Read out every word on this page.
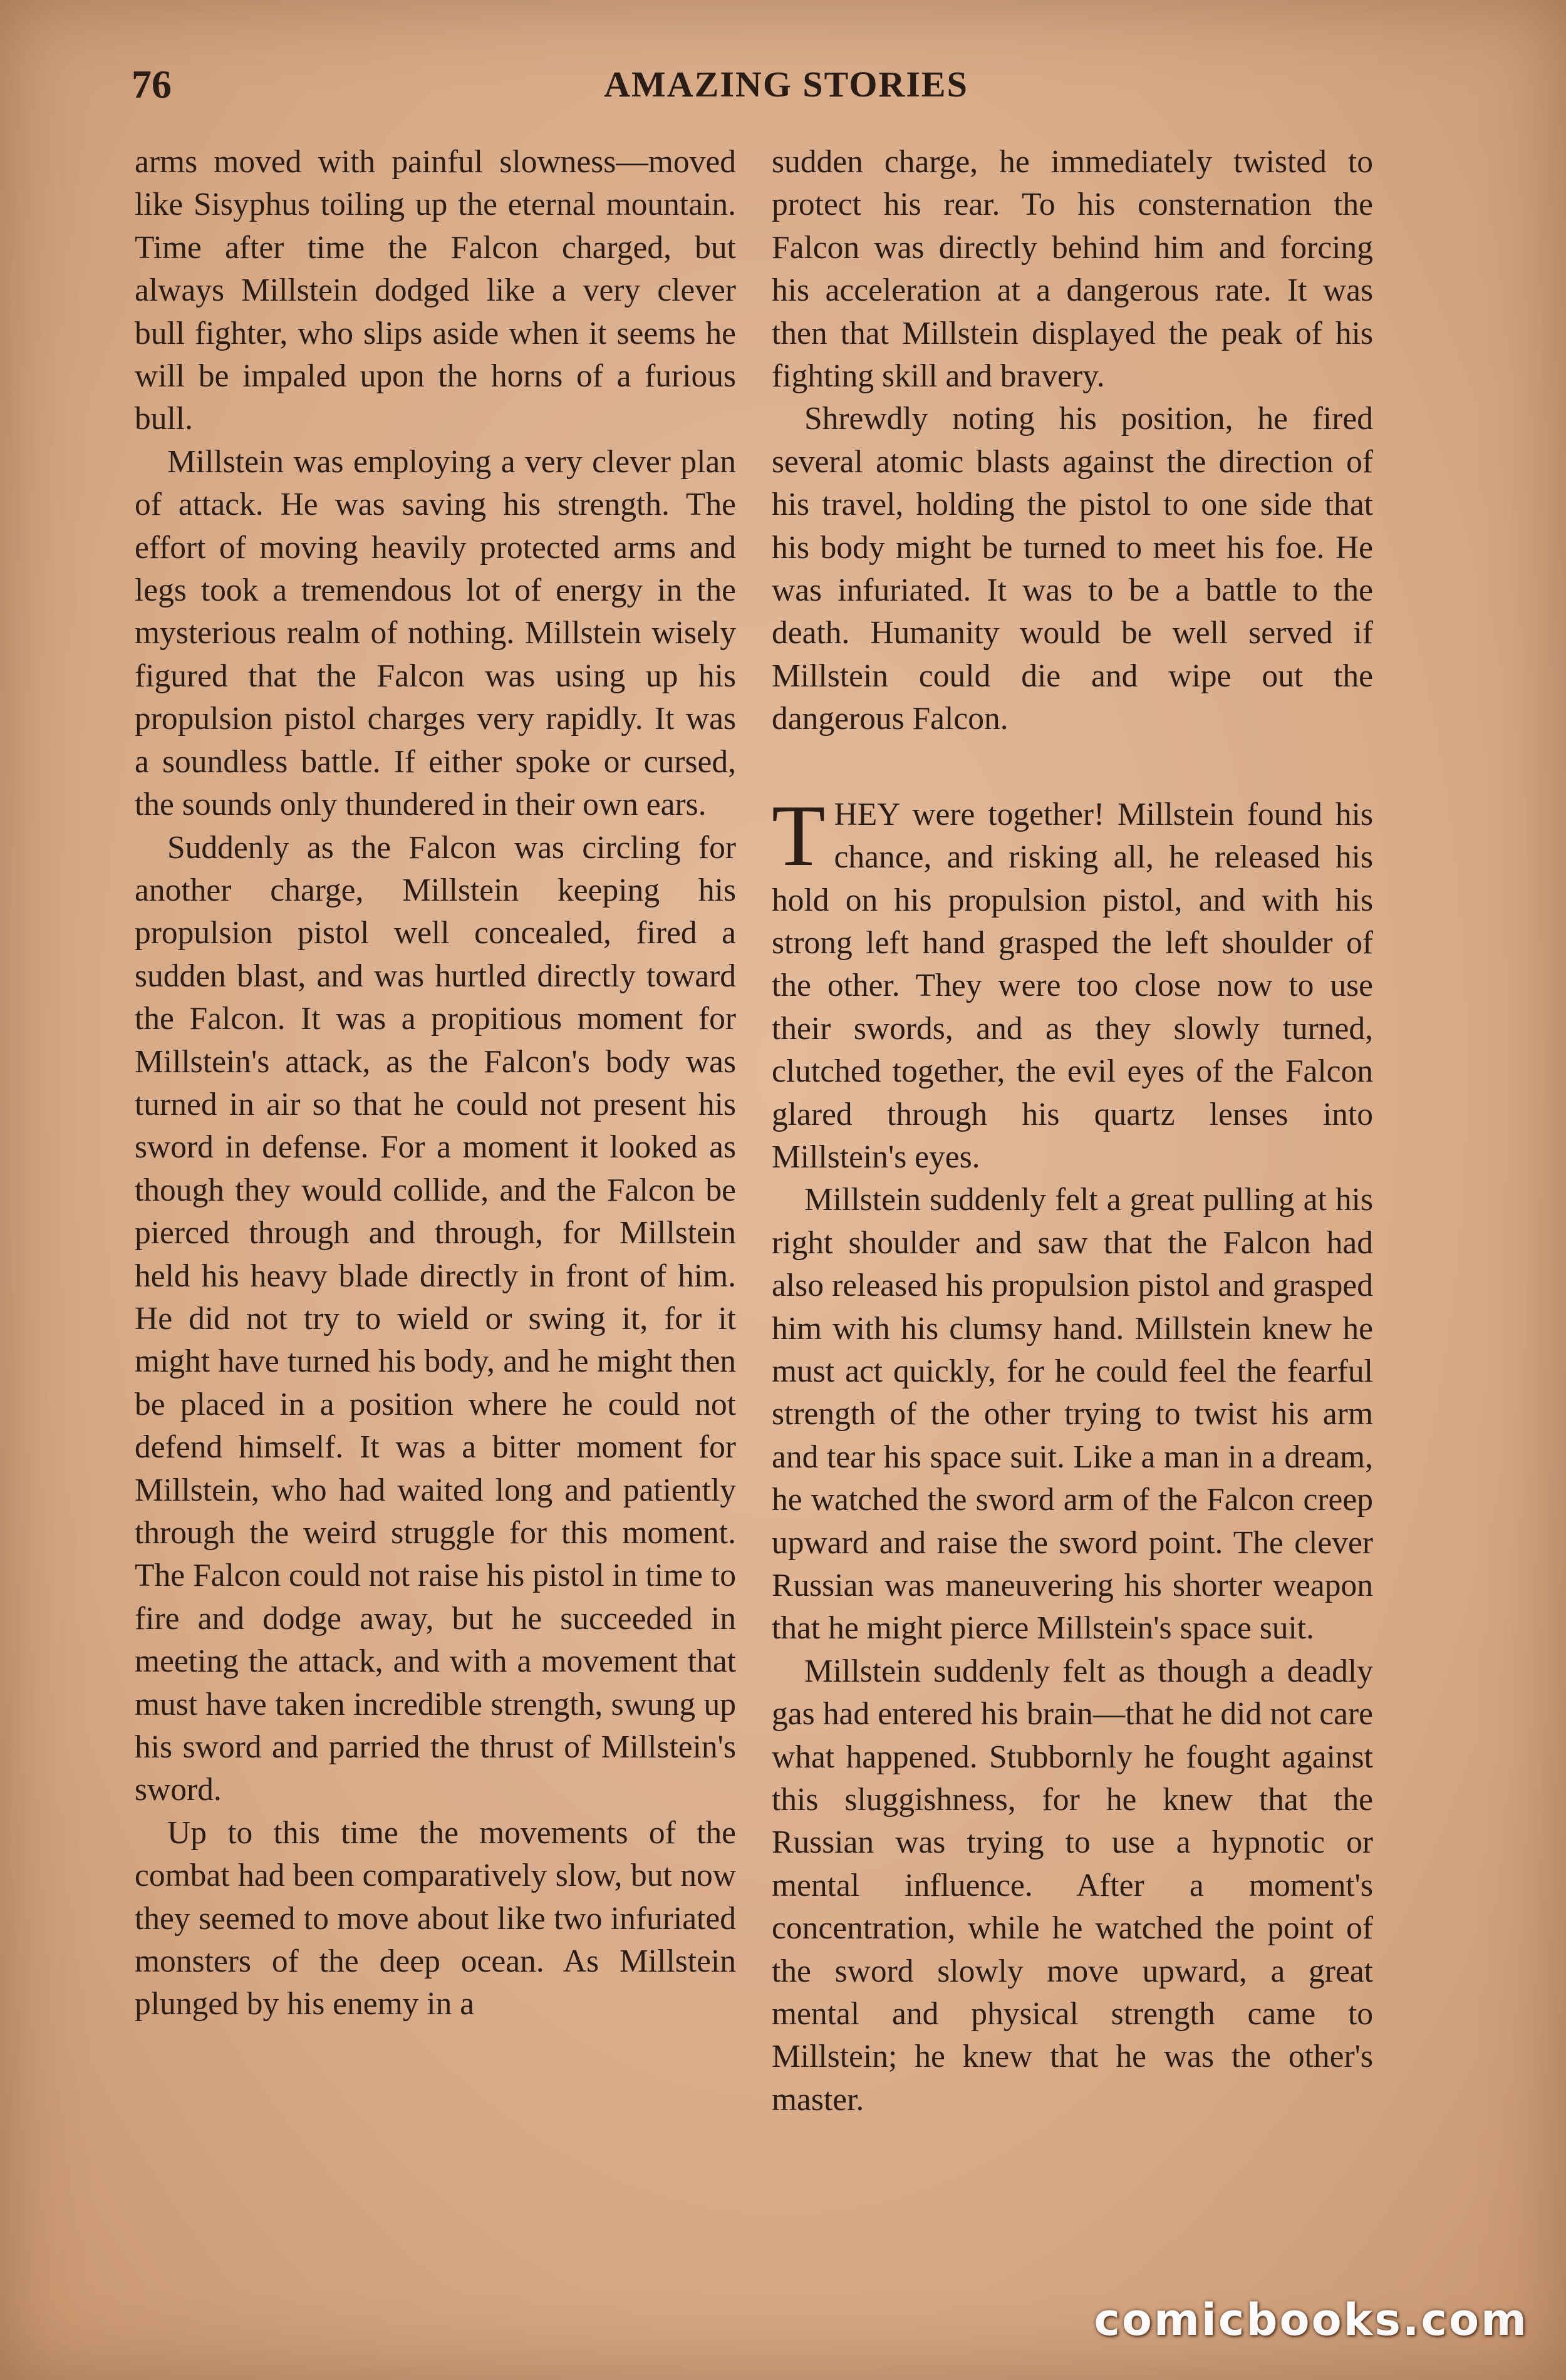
76	AMAZING STORIES

arms moved with painful slowness—moved like Sisyphus toiling up the eternal mountain. Time after time the Falcon charged, but always Millstein dodged like a very clever bull fighter, who slips aside when it seems he will be impaled upon the horns of a furious bull.

Millstein was employing a very clever plan of attack. He was saving his strength. The effort of moving heavily protected arms and legs took a tremendous lot of energy in the mysterious realm of nothing. Millstein wisely figured that the Falcon was using up his propulsion pistol charges very rapidly. It was a soundless battle. If either spoke or cursed, the sounds only thundered in their own ears.

Suddenly as the Falcon was circling for another charge, Millstein keeping his propulsion pistol well concealed, fired a sudden blast, and was hurtled directly toward the Falcon. It was a propitious moment for Millstein's attack, as the Falcon's body was turned in air so that he could not present his sword in defense. For a moment it looked as though they would collide, and the Falcon be pierced through and through, for Millstein held his heavy blade directly in front of him. He did not try to wield or swing it, for it might have turned his body, and he might then be placed in a position where he could not defend himself. It was a bitter moment for Millstein, who had waited long and patiently through the weird struggle for this moment. The Falcon could not raise his pistol in time to fire and dodge away, but he succeeded in meeting the attack, and with a movement that must have taken incredible strength, swung up his sword and parried the thrust of Millstein's sword.

Up to this time the movements of the combat had been comparatively slow, but now they seemed to move about like two infuriated monsters of the deep ocean. As Millstein plunged by his enemy in a

sudden charge, he immediately twisted to protect his rear. To his consternation the Falcon was directly behind him and forcing his acceleration at a dangerous rate. It was then that Millstein displayed the peak of his fighting skill and bravery.

Shrewdly noting his position, he fired several atomic blasts against the direction of his travel, holding the pistol to one side that his body might be turned to meet his foe. He was infuriated. It was to be a battle to the death. Humanity would be well served if Millstein could die and wipe out the dangerous Falcon.

THEY were together! Millstein found his chance, and risking all, he released his hold on his propulsion pistol, and with his strong left hand grasped the left shoulder of the other. They were too close now to use their swords, and as they slowly turned, clutched together, the evil eyes of the Falcon glared through his quartz lenses into Millstein's eyes.

Millstein suddenly felt a great pulling at his right shoulder and saw that the Falcon had also released his propulsion pistol and grasped him with his clumsy hand. Millstein knew he must act quickly, for he could feel the fearful strength of the other trying to twist his arm and tear his space suit. Like a man in a dream, he watched the sword arm of the Falcon creep upward and raise the sword point. The clever Russian was maneuvering his shorter weapon that he might pierce Millstein's space suit.

Millstein suddenly felt as though a deadly gas had entered his brain—that he did not care what happened. Stubbornly he fought against this sluggishness, for he knew that the Russian was trying to use a hypnotic or mental influence. After a moment's concentration, while he watched the point of the sword slowly move upward, a great mental and physical strength came to Millstein; he knew that he was the other's master.

comicbooks.com
